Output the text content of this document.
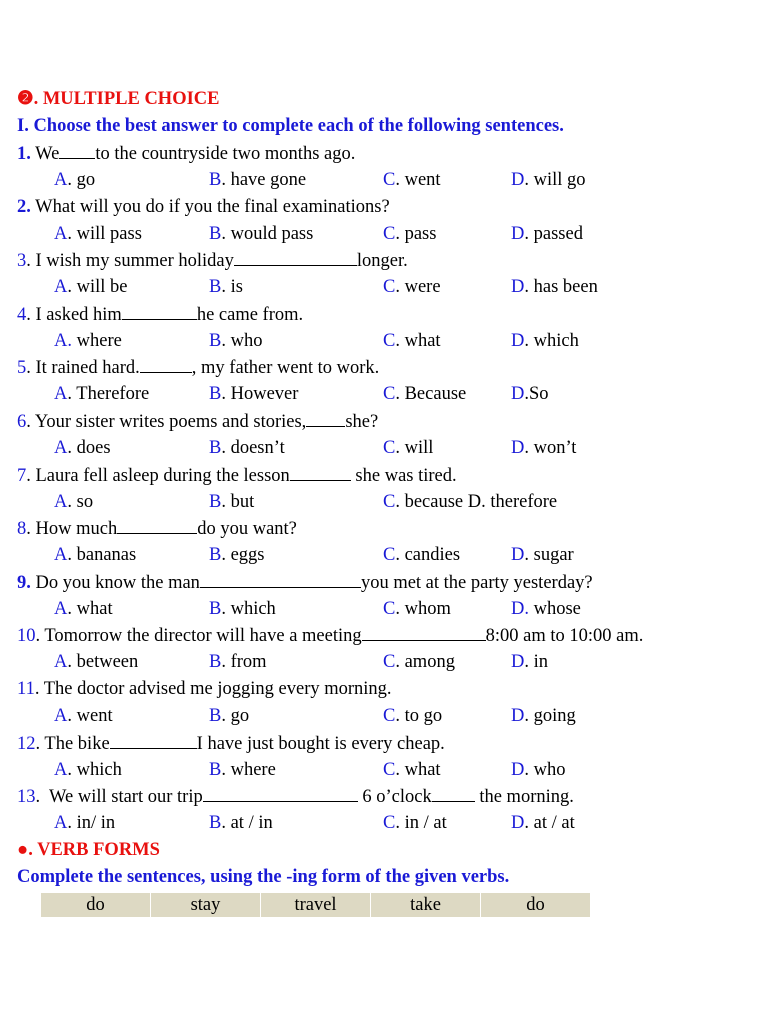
❷. MULTIPLE CHOICE
I. Choose the best answer to complete each of the following sentences.
1. We to the countryside two months ago.
A. go	B. have gone	C. went	D. will go
2. What will you do if you the final examinations?
A. will pass	B. would pass	C. pass	D. passed
3. I wish my summer holiday	longer.
A. will be	B. is	C. were	D. has been
4. I asked him	he came from.
A. where	B. who	C. what	D. which
5. It rained hard.	, my father went to work.
A. Therefore	B. However	C. Because D.So
6. Your sister writes poems and stories, she?
A. does	B. doesn’t	C. will	D. won’t
7. Laura fell asleep during the lesson	she was tired.
A. so	B. but	C. because D. therefore
8. How much	do you want?
A. bananas	B. eggs	C. candies	D. sugar
9. Do you know the man	you met at the party yesterday?
A. what	B. which	C. whom	D. whose
10. Tomorrow the director will have a meeting	8:00 am to 10:00 am.
A. between	B. from	C. among	D. in
11. The doctor advised me jogging every morning.
A. went	B. go	C. to go	D. going
12. The bike	I have just bought is every cheap.
A. which	B. where	C. what	D. who
13.  We will start our trip	6 o’clock the morning.
A. in/ in	B. at / in	C. in / at	D. at / at
●. VERB FORMS
Complete the sentences, using the -ing form of the given verbs.
do	stay	travel	take	do
